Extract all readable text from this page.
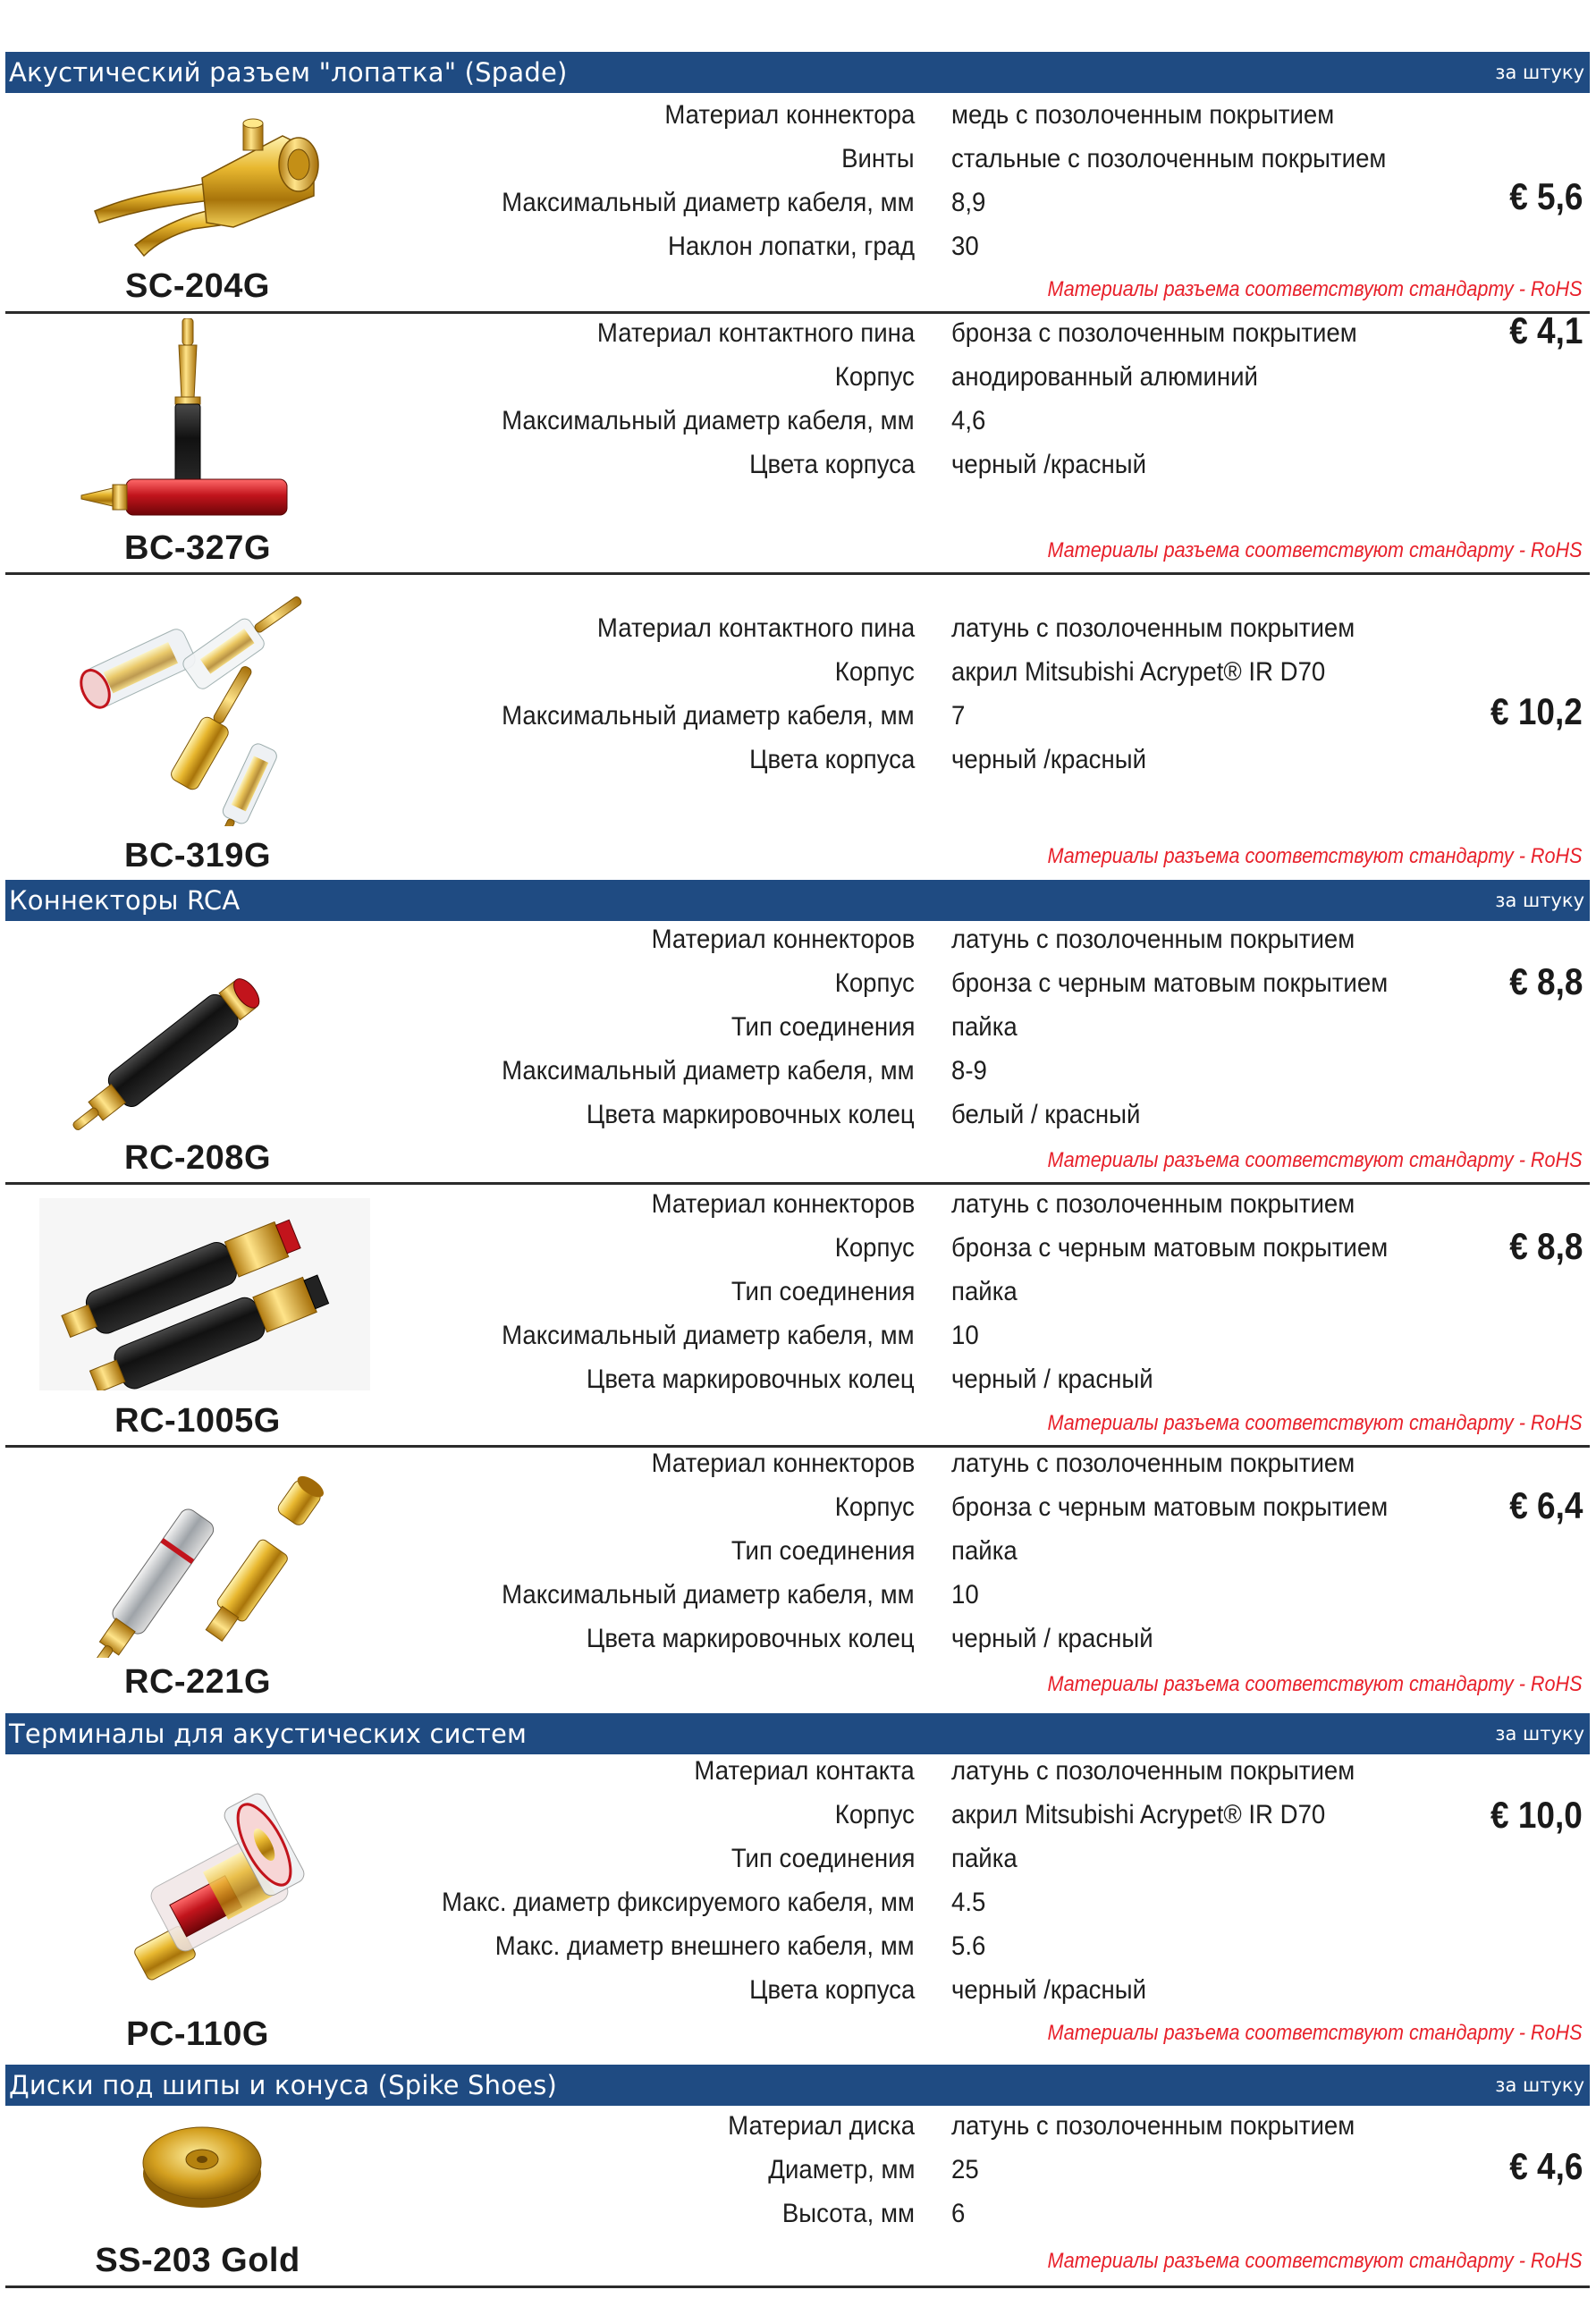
Акустический разъем "лопатка" (Spade)	за штуку
SC-204G
Материал коннектора медь с позолоченным покрытием
Винты стальные с позолоченным покрытием
Максимальный диаметр кабеля, мм 8,9
Наклон лопатки, град 30
€ 5,6
Материалы разъема соответствуют стандарту - RoHS
BC-327G
Материал контактного пина бронза с позолоченным покрытием
Корпус анодированный алюминий
Максимальный диаметр кабеля, мм 4,6
Цвета корпуса черный /красный
€ 4,1
Материалы разъема соответствуют стандарту - RoHS
BC-319G
Материал контактного пина латунь с позолоченным покрытием
Корпус акрил Mitsubishi Acrypet® IR D70
Максимальный диаметр кабеля, мм 7
Цвета корпуса черный /красный
€ 10,2
Материалы разъема соответствуют стандарту - RoHS
Коннекторы RCA	за штуку
RC-208G
Материал коннекторов латунь с позолоченным покрытием
Корпус бронза с черным матовым покрытием
Тип соединения пайка
Максимальный диаметр кабеля, мм 8-9
Цвета маркировочных колец белый / красный
€ 8,8
Материалы разъема соответствуют стандарту - RoHS
RC-1005G
Материал коннекторов латунь с позолоченным покрытием
Корпус бронза с черным матовым покрытием
Тип соединения пайка
Максимальный диаметр кабеля, мм 10
Цвета маркировочных колец черный / красный
€ 8,8
Материалы разъема соответствуют стандарту - RoHS
RC-221G
Материал коннекторов латунь с позолоченным покрытием
Корпус бронза с черным матовым покрытием
Тип соединения пайка
Максимальный диаметр кабеля, мм 10
Цвета маркировочных колец черный / красный
€ 6,4
Материалы разъема соответствуют стандарту - RoHS
Терминалы для акустических систем	за штуку
PC-110G
Материал контакта латунь с позолоченным покрытием
Корпус акрил Mitsubishi Acrypet® IR D70
Тип соединения пайка
Макс. диаметр фиксируемого кабеля, мм 4.5
Макс. диаметр внешнего кабеля, мм 5.6
Цвета корпуса черный /красный
€ 10,0
Материалы разъема соответствуют стандарту - RoHS
Диски под шипы и конуса (Spike Shoes)	за штуку
SS-203 Gold
Материал диска латунь с позолоченным покрытием
Диаметр, мм 25
Высота, мм 6
€ 4,6
Материалы разъема соответствуют стандарту - RoHS
